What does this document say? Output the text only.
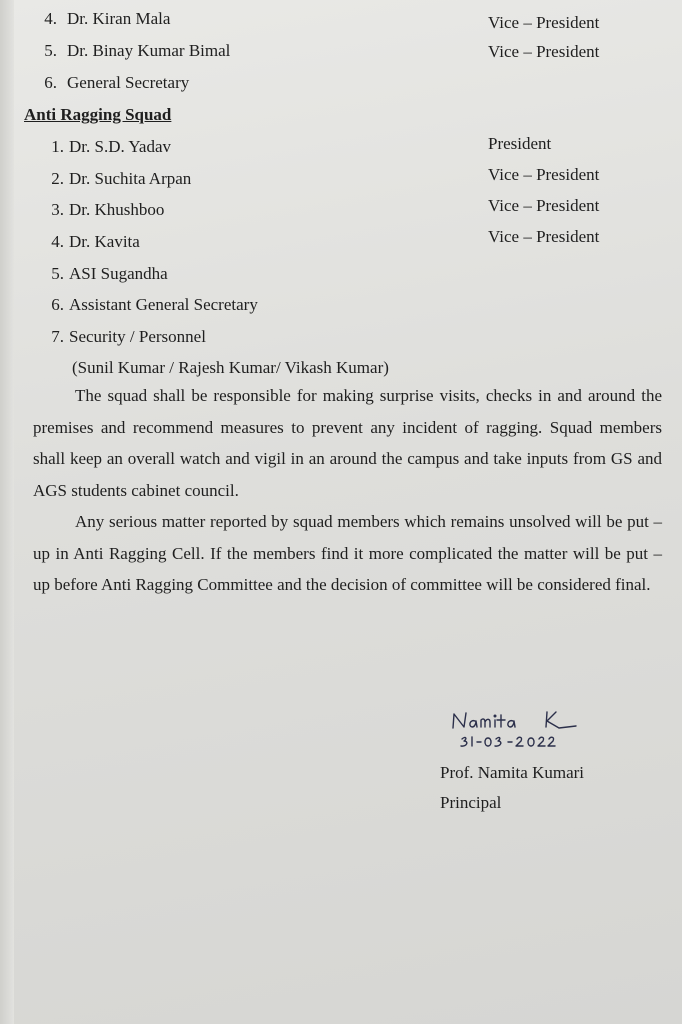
4. Dr. Kiran Mala	Vice – President
5. Dr. Binay Kumar Bimal	Vice – President
6. General Secretary
Anti Ragging Squad
1. Dr. S.D. Yadav	President
2. Dr. Suchita Arpan	Vice – President
3. Dr. Khushboo	Vice – President
4. Dr. Kavita	Vice – President
5. ASI Sugandha
6. Assistant General Secretary
7. Security / Personnel
(Sunil Kumar / Rajesh Kumar/ Vikash Kumar)

The squad shall be responsible for making surprise visits, checks in and around the premises and recommend measures to prevent any incident of ragging. Squad members shall keep an overall watch and vigil in an around the campus and take inputs from GS and AGS students cabinet council.

Any serious matter reported by squad members which remains unsolved will be put – up in Anti Ragging Cell. If the members find it more complicated the matter will be put – up before Anti Ragging Committee and the decision of committee will be considered final.

Prof. Namita Kumari
Principal
